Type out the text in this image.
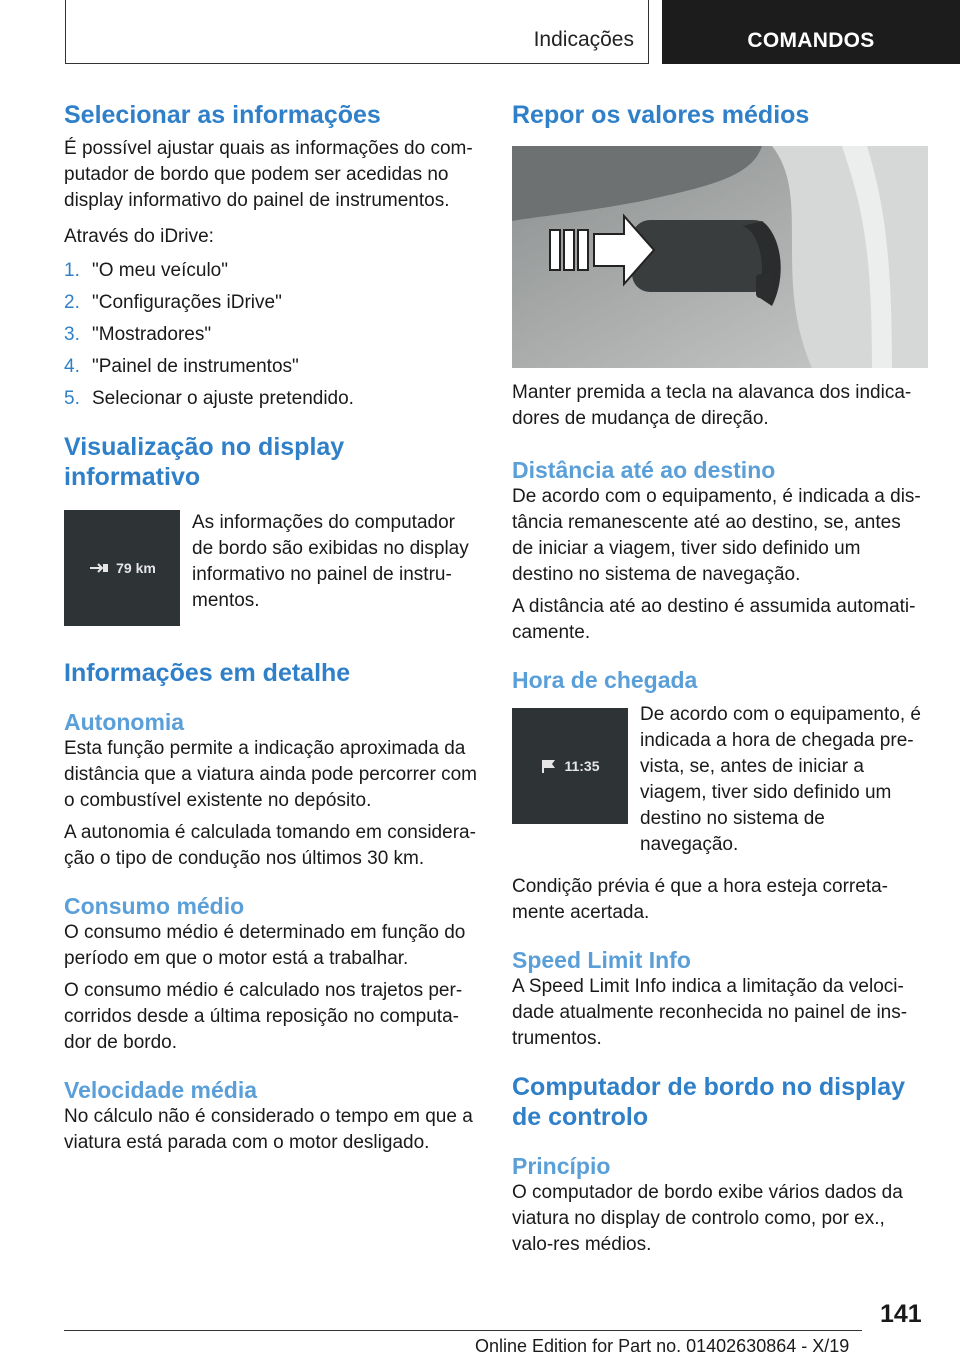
Indicações	COMANDOS
Selecionar as informações

É possível ajustar quais as informações do com-putador de bordo que podem ser acedidas no display informativo do painel de instrumentos.

Através do iDrive:

1. "O meu veículo"
2. "Configurações iDrive"
3. "Mostradores"
4. "Painel de instrumentos"
5. Selecionar o ajuste pretendido.
Visualização no display informativo
79 km

As informações do computador de bordo são exibidas no display informativo no painel de instru-mentos.

Informações em detalhe
Autonomia

Esta função permite a indicação aproximada da distância que a viatura ainda pode percorrer com o combustível existente no depósito.

A autonomia é calculada tomando em considera-ção o tipo de condução nos últimos 30 km.

Consumo médio

O consumo médio é determinado em função do período em que o motor está a trabalhar.

O consumo médio é calculado nos trajetos per-corridos desde a última reposição no computa-dor de bordo.

Velocidade média

No cálculo não é considerado o tempo em que a viatura está parada com o motor desligado.

Repor os valores médios

Manter premida a tecla na alavanca dos indica-dores de mudança de direção.

Distância até ao destino

De acordo com o equipamento, é indicada a dis-tância remanescente até ao destino, se, antes de iniciar a viagem, tiver sido definido um destino no sistema de navegação.

A distância até ao destino é assumida automati-camente.

Hora de chegada
11:35

De acordo com o equipamento, é indicada a hora de chegada pre-vista, se, antes de iniciar a viagem, tiver sido definido um destino no sistema de navegação.

Condição prévia é que a hora esteja correta-mente acertada.

Speed Limit Info

A Speed Limit Info indica a limitação da veloci-dade atualmente reconhecida no painel de ins-trumentos.

Computador de bordo no display de controlo
Princípio

O computador de bordo exibe vários dados da viatura no display de controlo como, por ex., valo-res médios.

141
Online Edition for Part no. 01402630864 - X/19
